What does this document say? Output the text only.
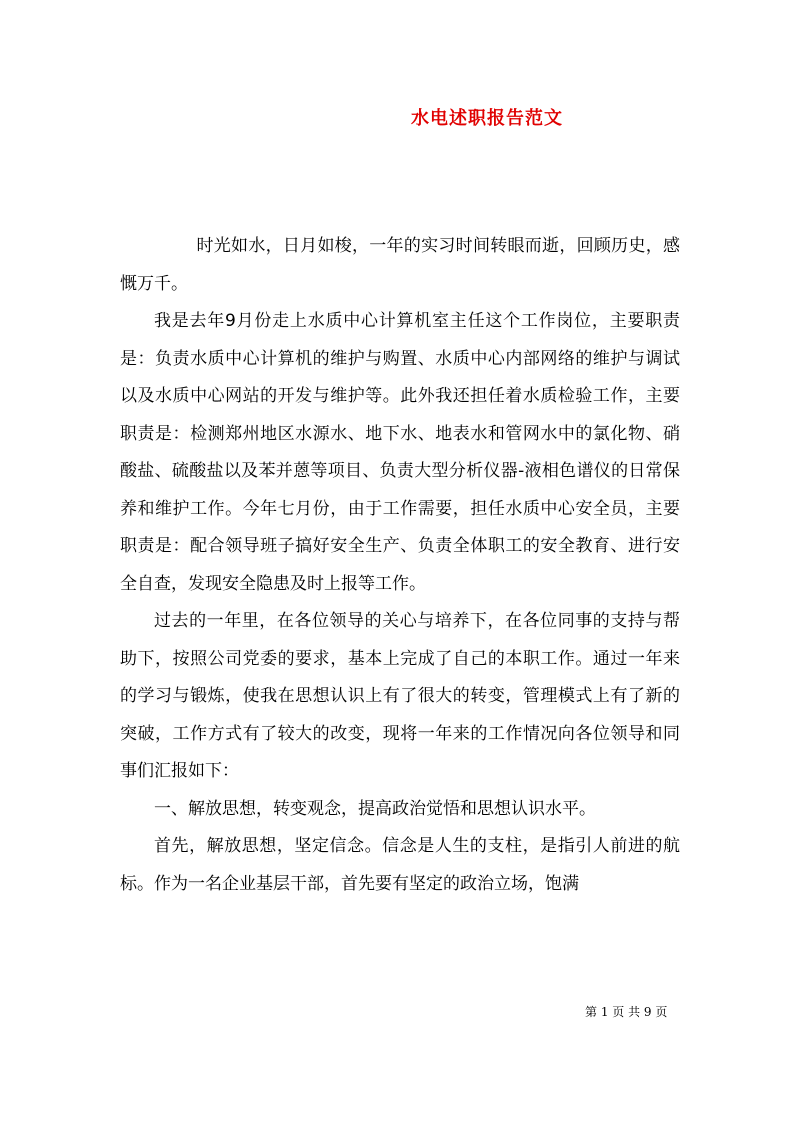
水电述职报告范文

时光如水，日月如梭，一年的实习时间转眼而逝，回顾历史，感慨万千。

我是去年9月份走上水质中心计算机室主任这个工作岗位，主要职责是：负责水质中心计算机的维护与购置、水质中心内部网络的维护与调试以及水质中心网站的开发与维护等。此外我还担任着水质检验工作，主要职责是：检测郑州地区水源水、地下水、地表水和管网水中的氯化物、硝酸盐、硫酸盐以及苯并蒽等项目、负责大型分析仪器-液相色谱仪的日常保养和维护工作。今年七月份，由于工作需要，担任水质中心安全员，主要职责是：配合领导班子搞好安全生产、负责全体职工的安全教育、进行安全自查，发现安全隐患及时上报等工作。

过去的一年里，在各位领导的关心与培养下，在各位同事的支持与帮助下，按照公司党委的要求，基本上完成了自己的本职工作。通过一年来的学习与锻炼，使我在思想认识上有了很大的转变，管理模式上有了新的突破，工作方式有了较大的改变，现将一年来的工作情况向各位领导和同事们汇报如下：

一、解放思想，转变观念，提高政治觉悟和思想认识水平。

首先，解放思想，坚定信念。信念是人生的支柱，是指引人前进的航标。作为一名企业基层干部，首先要有坚定的政治立场，饱满

第 1 页 共 9 页
